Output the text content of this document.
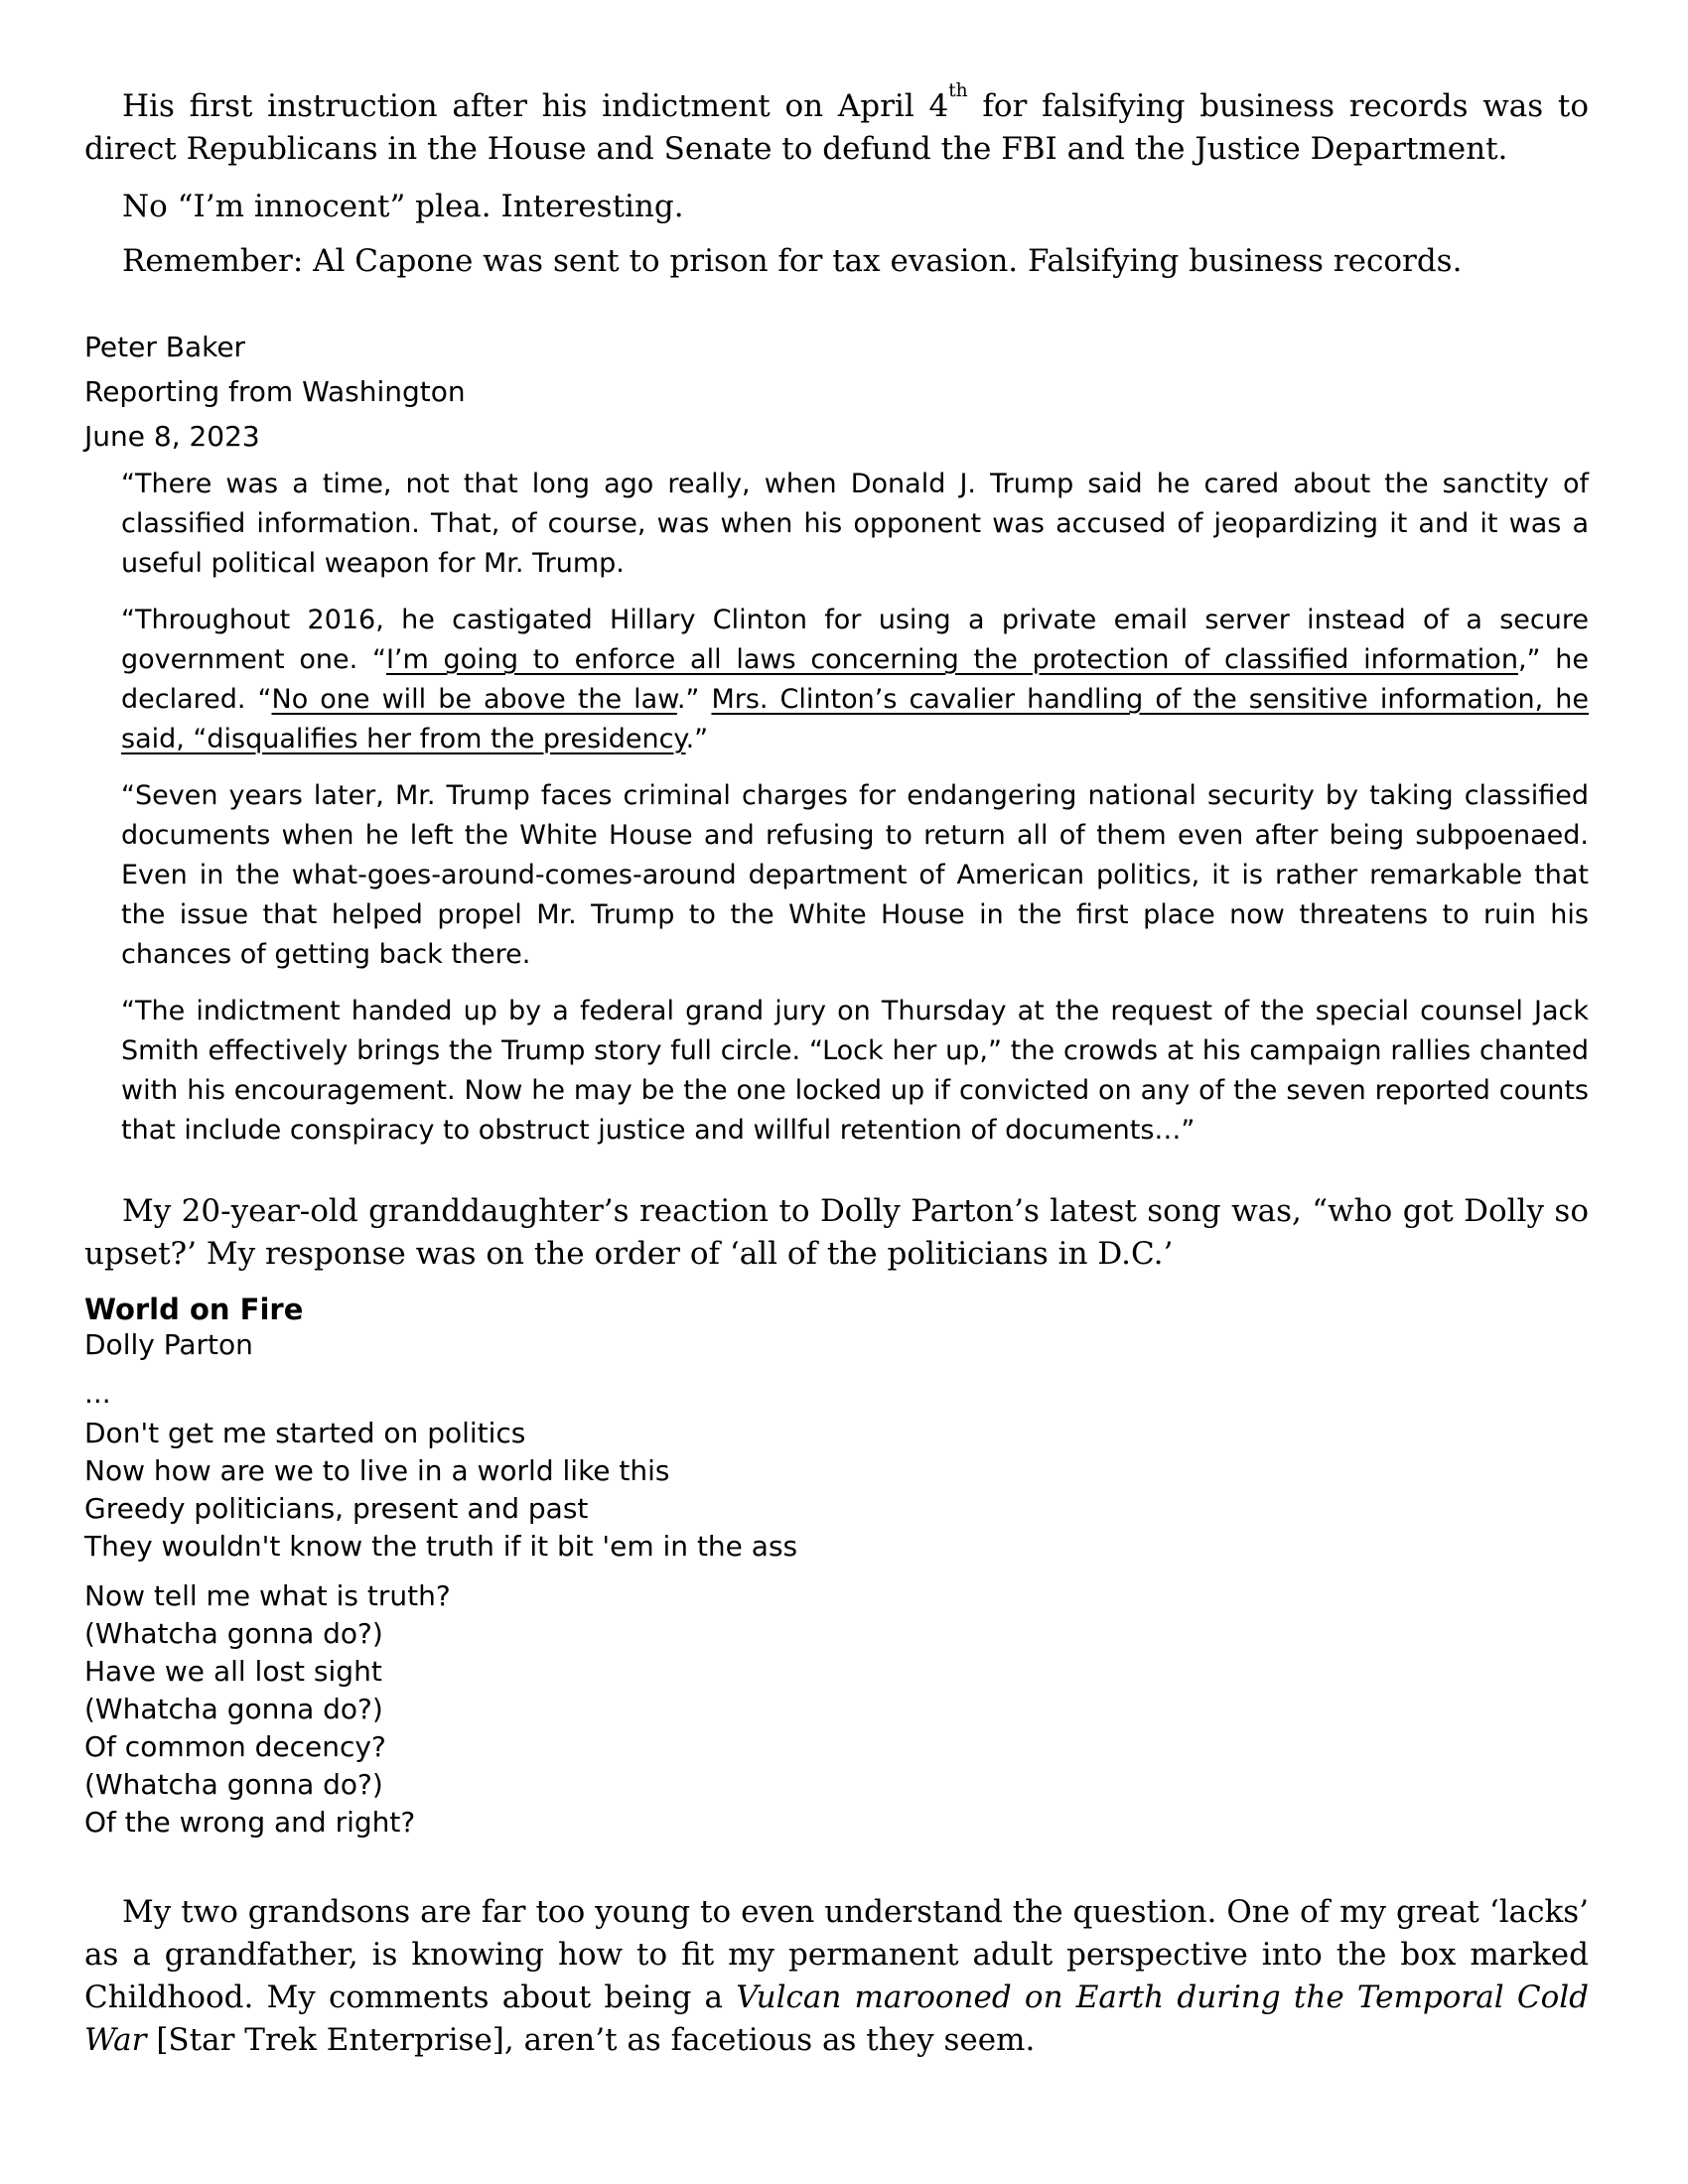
His first instruction after his indictment on April 4th for falsifying business records was to direct Republicans in the House and Senate to defund the FBI and the Justice Department.

No “I’m innocent” plea. Interesting.

Remember: Al Capone was sent to prison for tax evasion. Falsifying business records.

Peter Baker
Reporting from Washington
June 8, 2023

“There was a time, not that long ago really, when Donald J. Trump said he cared about the sanctity of classified information. That, of course, was when his opponent was accused of jeopardizing it and it was a useful political weapon for Mr. Trump.

“Throughout 2016, he castigated Hillary Clinton for using a private email server instead of a secure government one. “I’m going to enforce all laws concerning the protection of classified information,” he declared. “No one will be above the law.” Mrs. Clinton’s cavalier handling of the sensitive information, he said, “disqualifies her from the presidency.”

“Seven years later, Mr. Trump faces criminal charges for endangering national security by taking classified documents when he left the White House and refusing to return all of them even after being subpoenaed. Even in the what-goes-around-comes-around department of American politics, it is rather remarkable that the issue that helped propel Mr. Trump to the White House in the first place now threatens to ruin his chances of getting back there.

“The indictment handed up by a federal grand jury on Thursday at the request of the special counsel Jack Smith effectively brings the Trump story full circle. “Lock her up,” the crowds at his campaign rallies chanted with his encouragement. Now he may be the one locked up if convicted on any of the seven reported counts that include conspiracy to obstruct justice and willful retention of documents…”

My 20-year-old granddaughter’s reaction to Dolly Parton’s latest song was, “who got Dolly so upset?’ My response was on the order of ‘all of the politicians in D.C.’

World on Fire
Dolly Parton
...
Don't get me started on politics
Now how are we to live in a world like this
Greedy politicians, present and past
They wouldn't know the truth if it bit 'em in the ass
Now tell me what is truth?
(Whatcha gonna do?)
Have we all lost sight
(Whatcha gonna do?)
Of common decency?
(Whatcha gonna do?)
Of the wrong and right?

My two grandsons are far too young to even understand the question. One of my great ‘lacks’ as a grandfather, is knowing how to fit my permanent adult perspective into the box marked Childhood. My comments about being a Vulcan marooned on Earth during the Temporal Cold War [Star Trek Enterprise], aren’t as facetious as they seem.
